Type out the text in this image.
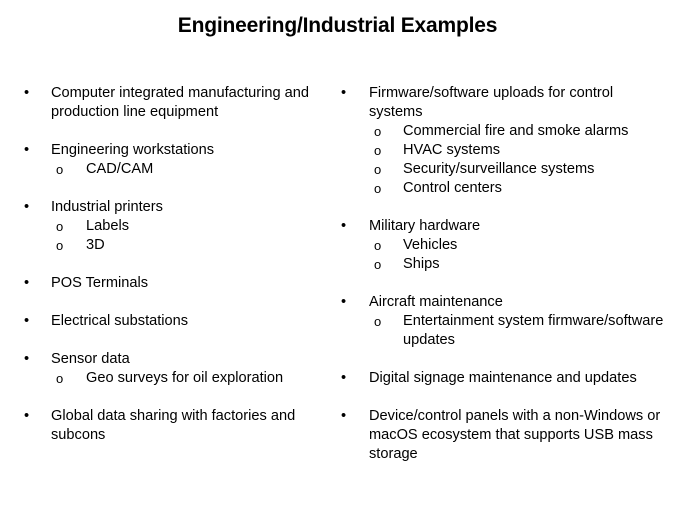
Engineering/Industrial Examples
•	Computer integrated manufacturing and production line equipment
•	Engineering workstations
o CAD/CAM
•	Industrial printers
o Labels
o 3D
•	POS Terminals
•	Electrical substations
•	Sensor data
o Geo surveys for oil exploration
•	Global data sharing with factories and subcons
•	Firmware/software uploads for control systems
o Commercial fire and smoke alarms
o HVAC systems
o Security/surveillance systems
o Control centers
•	Military hardware
o Vehicles
o Ships
•	Aircraft maintenance
o Entertainment system firmware/software updates
•	Digital signage maintenance and updates
•	Device/control panels with a non-Windows or macOS ecosystem that supports USB mass storage
